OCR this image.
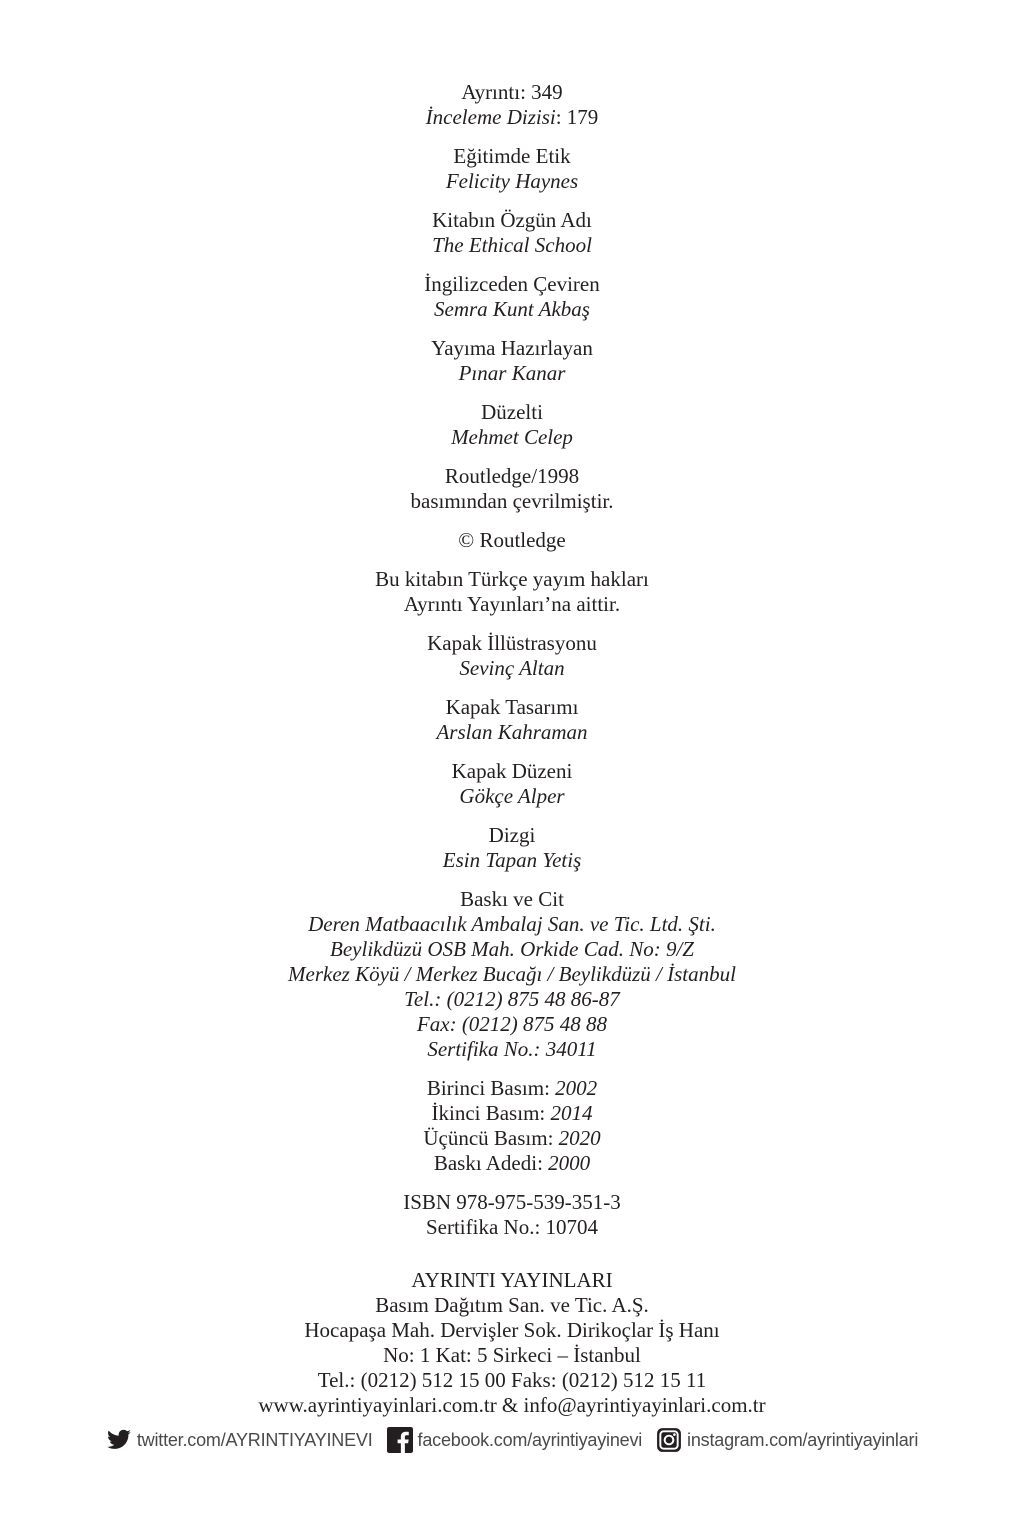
Ayrıntı: 349
İnceleme Dizisi: 179
Eğitimde Etik
Felicity Haynes
Kitabın Özgün Adı
The Ethical School
İngilizceden Çeviren
Semra Kunt Akbaş
Yayıma Hazırlayan
Pınar Kanar
Düzelti
Mehmet Celep
Routledge/1998
basımından çevrilmiştir.
© Routledge
Bu kitabın Türkçe yayım hakları
Ayrıntı Yayınları’na aittir.
Kapak İllüstrasyonu
Sevinç Altan
Kapak Tasarımı
Arslan Kahraman
Kapak Düzeni
Gökçe Alper
Dizgi
Esin Tapan Yetiş
Baskı ve Cit
Deren Matbaacılık Ambalaj San. ve Tic. Ltd. Şti.
Beylikdüzü OSB Mah. Orkide Cad. No: 9/Z
Merkez Köyü / Merkez Bucağı / Beylikdüzü / İstanbul
Tel.: (0212) 875 48 86-87
Fax: (0212) 875 48 88
Sertifika No.: 34011
Birinci Basım: 2002
İkinci Basım: 2014
Üçüncü Basım: 2020
Baskı Adedi: 2000
ISBN 978-975-539-351-3
Sertifika No.: 10704
AYRINTI YAYINLARI
Basım Dağıtım San. ve Tic. A.Ş.
Hocapaşa Mah. Dervişler Sok. Dirikoçlar İş Hanı
No: 1 Kat: 5 Sirkeci – İstanbul
Tel.: (0212) 512 15 00 Faks: (0212) 512 15 11
www.ayrintiyayinlari.com.tr & info@ayrintiyayinlari.com.tr
twitter.com/AYRINTIYAYINEVI	facebook.com/ayrintiyayinevi	instagram.com/ayrintiyayinlari
